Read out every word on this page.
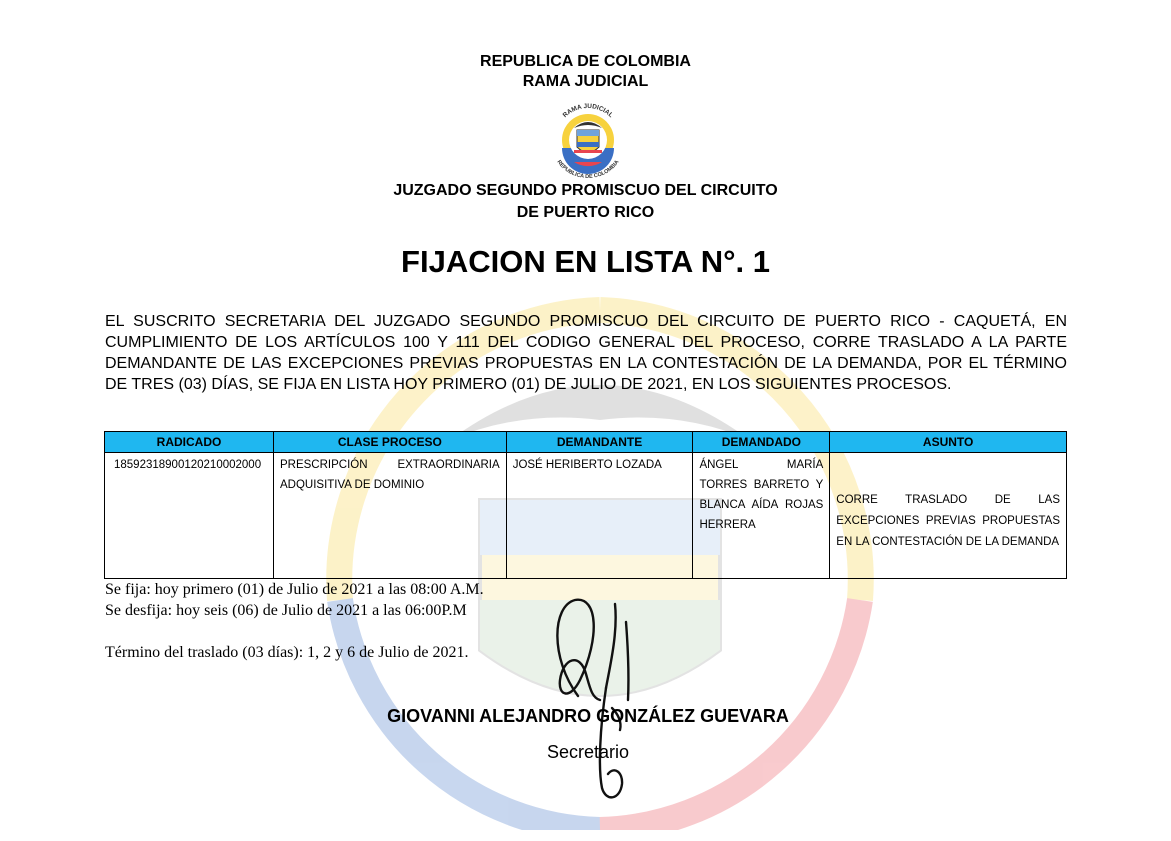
REPUBLICA DE COLOMBIA
RAMA JUDICIAL
RAMA JUDICIAL
REPUBLICA DE COLOMBIA
JUZGADO SEGUNDO PROMISCUO DEL CIRCUITO
DE PUERTO RICO
FIJACION EN LISTA N°. 1
EL SUSCRITO SECRETARIA DEL JUZGADO SEGUNDO PROMISCUO DEL CIRCUITO DE PUERTO RICO - CAQUETÁ, EN CUMPLIMIENTO DE LOS ARTÍCULOS 100 Y 111 DEL CODIGO GENERAL DEL PROCESO, CORRE TRASLADO A LA PARTE DEMANDANTE DE LAS EXCEPCIONES PREVIAS PROPUESTAS EN LA CONTESTACIÓN DE LA DEMANDA, POR EL TÉRMINO DE TRES (03) DÍAS, SE FIJA EN LISTA HOY PRIMERO (01) DE JULIO DE 2021, EN LOS SIGUIENTES PROCESOS.
RADICADO	CLASE PROCESO	DEMANDANTE	DEMANDADO	ASUNTO
18592318900120210002000	PRESCRIPCIÓN EXTRAORDINARIA ADQUISITIVA DE DOMINIO	JOSÉ HERIBERTO LOZADA	ÁNGEL MARÍA TORRES BARRETO Y BLANCA AÍDA ROJAS HERRERA	CORRE TRASLADO DE LAS EXCEPCIONES PREVIAS PROPUESTAS EN LA CONTESTACIÓN DE LA DEMANDA
Se fija: hoy primero (01) de Julio de 2021 a las 08:00 A.M.
Se desfija: hoy seis (06) de Julio de 2021 a las 06:00P.M
Término del traslado (03 días): 1, 2 y 6 de Julio de 2021.
GIOVANNI ALEJANDRO GONZÁLEZ GUEVARA
Secretario
